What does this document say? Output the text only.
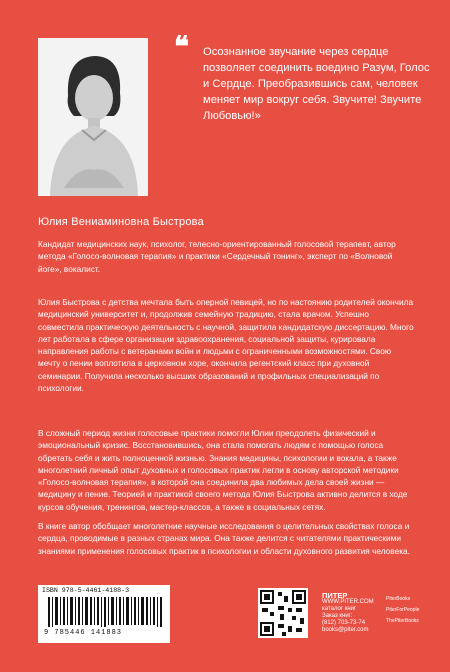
❝ Осознанное звучание через сердце позволяет соединить воедино Разум, Голос и Сердце. Преобразившись сам, человек меняет мир вокруг себя. Звучите! Звучите Любовью!»
Юлия Вениаминовна Быстрова
Кандидат медицинских наук, психолог, телесно-ориентированный голосовой терапевт, автор метода «Голосо-волновая терапия» и практики «Сердечный тонинг», эксперт по «Волновой йоге», вокалист.
Юлия Быстрова с детства мечтала быть оперной певицей, но по настоянию родителей окончила медицинский университет и, продолжив семейную традицию, стала врачом. Успешно совместила практическую деятельность с научной, защитила кандидатскую диссертацию. Много лет работала в сфере организации здравоохранения, социальной защиты, курировала направления работы с ветеранами войн и людьми с ограниченными возможностями. Свою мечту о пении воплотила в церковном хоре, окончила регентский класс при духовной семинарии. Получила несколько высших образований и профильных специализаций по психологии.
В сложный период жизни голосовые практики помогли Юлии преодолеть физический и эмоциональный кризис. Восстановившись, она стала помогать людям с помощью голоса обретать себя и жить полноценной жизнью. Знания медицины, психологии и вокала, а также многолетний личный опыт духовных и голосовых практик легли в основу авторской методики «Голосо-волновая терапия», в которой она соединила два любимых дела своей жизни — медицину и пение. Теорией и практикой своего метода Юлия Быстрова активно делится в ходе курсов обучения, тренингов, мастер-классов, а также в социальных сетях.
В книге автор обобщает многолетние научные исследования о целительных свойствах голоса и сердца, проводимые в разных странах мира. Она также делится с читателями практическими знаниями применения голосовых практик в психологии и области духовного развития человека.
ISBN 978-5-4461-4188-3
9 785446 141883
ПИТЕР
WWW.PITER.COM
каталог книг
Заказ книг:
(812) 703-73-74
books@piter.com
PiterBooks
PiterForPeople
ThePiterBooks
